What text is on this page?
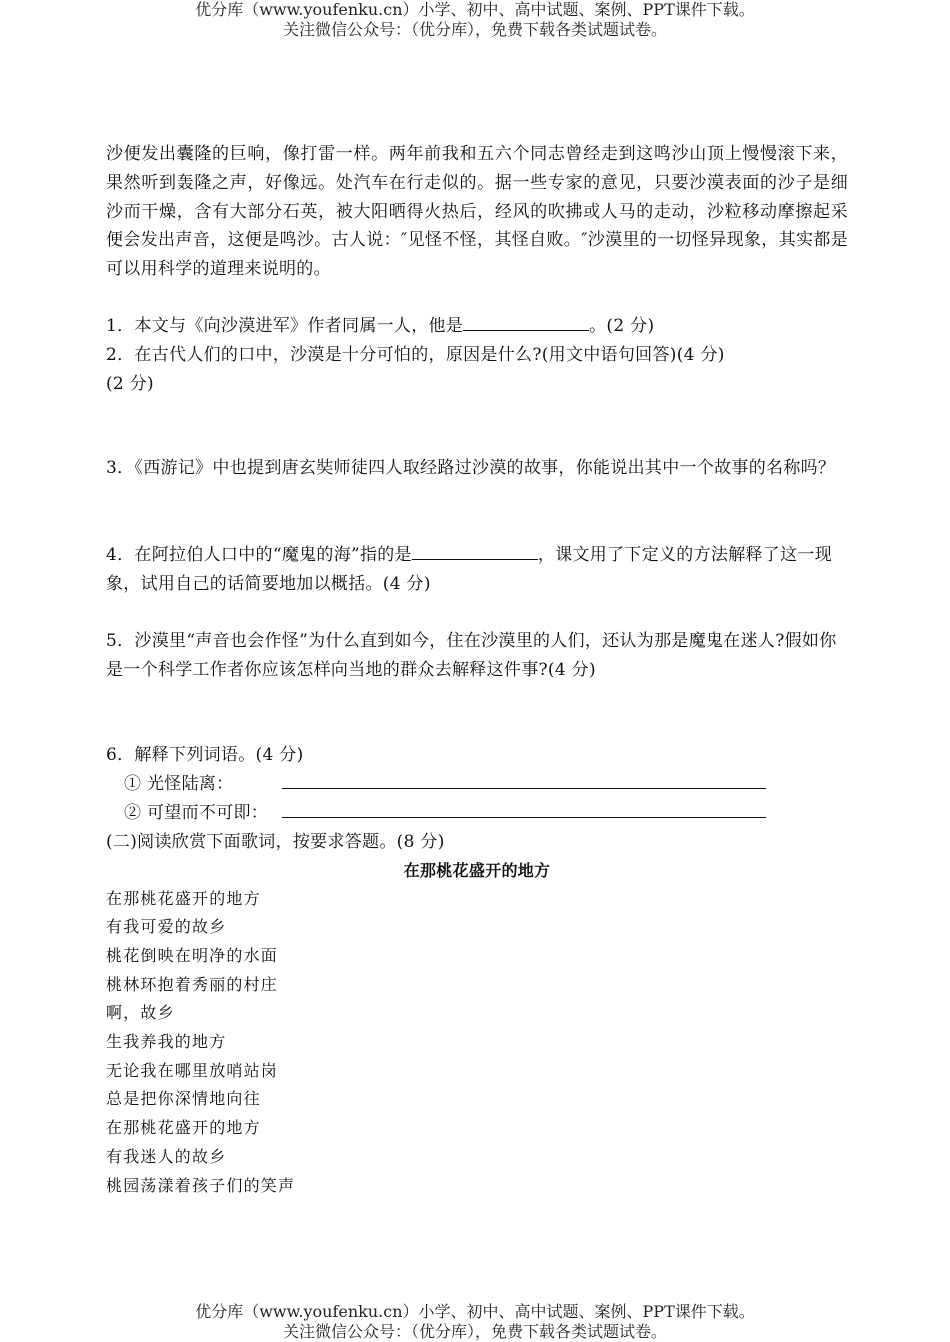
优分库（www.youfenku.cn）小学、初中、高中试题、案例、PPT课件下载。
关注微信公众号：（优分库），免费下载各类试题试卷。
沙便发出囊隆的巨响，像打雷一样。两年前我和五六个同志曾经走到这鸣沙山顶上慢慢滚下来，果然听到轰隆之声，好像远。处汽车在行走似的。据一些专家的意见，只要沙漠表面的沙子是细沙而干燥，含有大部分石英，被大阳晒得火热后，经风的吹拂或人马的走动，沙粒移动摩擦起采便会发出声音，这便是鸣沙。古人说：″见怪不怪，其怪自败。″沙漠里的一切怪异现象，其实都是可以用科学的道理来说明的。
1．本文与《向沙漠进军》作者同属一人，他是	。(2 分)
2．在古代人们的口中，沙漠是十分可怕的，原因是什么?(用文中语句回答)(4 分)
(2 分)
3．《西游记》中也提到唐玄奘师徒四人取经路过沙漠的故事，你能说出其中一个故事的名称吗？
4．在阿拉伯人口中的“魔鬼的海”指的是	，课文用了下定义的方法解释了这一现象，试用自己的话简要地加以概括。(4 分)
5．沙漠里“声音也会作怪”为什么直到如今，住在沙漠里的人们，还认为那是魔鬼在迷人?假如你是一个科学工作者你应该怎样向当地的群众去解释这件事?(4 分)
6．解释下列词语。(4 分)
① 光怪陆离：
② 可望而不可即：
(二)阅读欣赏下面歌词，按要求答题。(8 分)
在那桃花盛开的地方
在那桃花盛开的地方
有我可爱的故乡
桃花倒映在明净的水面
桃林环抱着秀丽的村庄
啊，故乡
生我养我的地方
无论我在哪里放哨站岗
总是把你深情地向往
在那桃花盛开的地方
有我迷人的故乡
桃园荡漾着孩子们的笑声
优分库（www.youfenku.cn）小学、初中、高中试题、案例、PPT课件下载。
关注微信公众号：（优分库），免费下载各类试题试卷。
